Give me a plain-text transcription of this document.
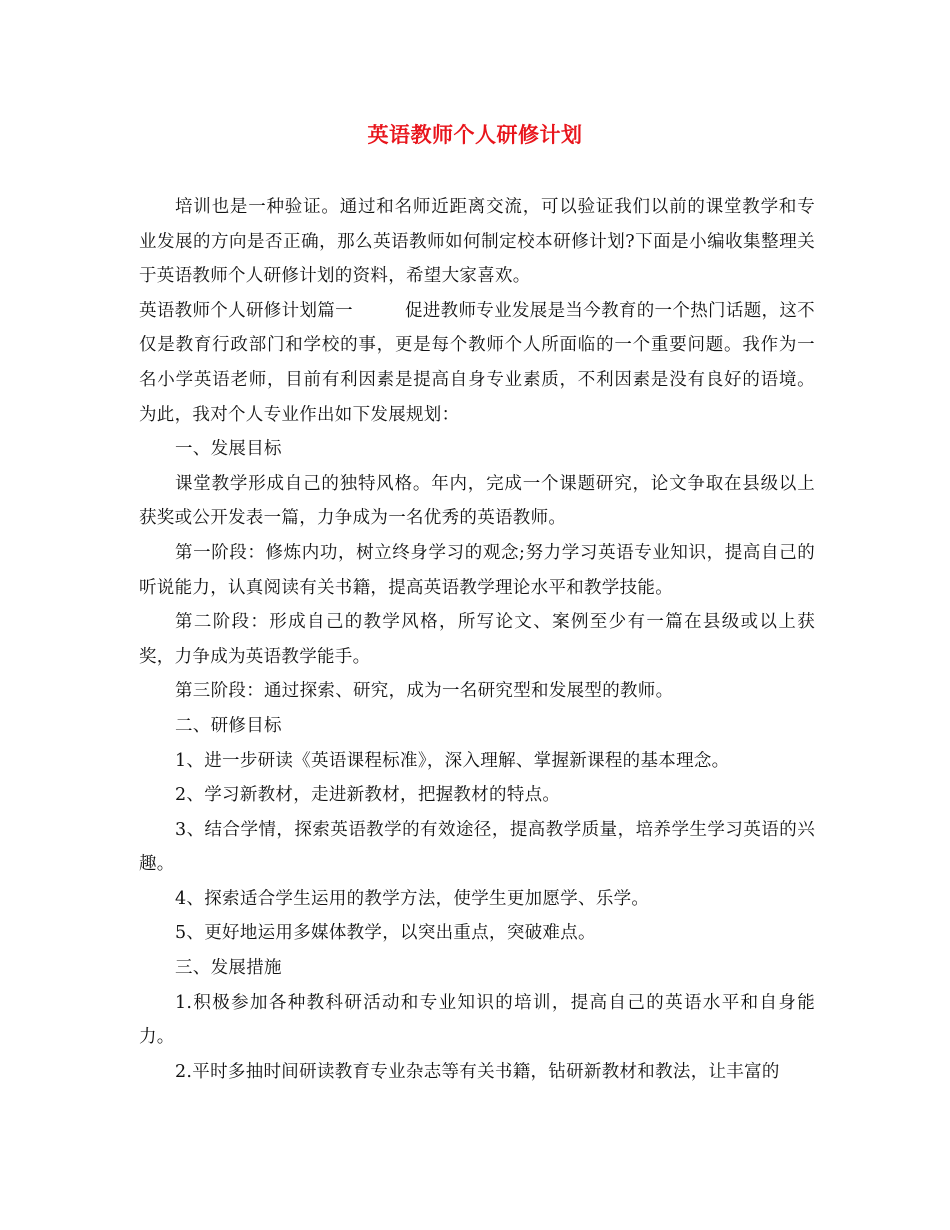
英语教师个人研修计划

培训也是一种验证。通过和名师近距离交流，可以验证我们以前的课堂教学和专业发展的方向是否正确，那么英语教师如何制定校本研修计划?下面是小编收集整理关于英语教师个人研修计划的资料，希望大家喜欢。

英语教师个人研修计划篇一	促进教师专业发展是当今教育的一个热门话题，这不仅是教育行政部门和学校的事，更是每个教师个人所面临的一个重要问题。我作为一名小学英语老师，目前有利因素是提高自身专业素质，不利因素是没有良好的语境。为此，我对个人专业作出如下发展规划：

一、发展目标

课堂教学形成自己的独特风格。年内，完成一个课题研究，论文争取在县级以上获奖或公开发表一篇，力争成为一名优秀的英语教师。

第一阶段：修炼内功，树立终身学习的观念;努力学习英语专业知识，提高自己的听说能力，认真阅读有关书籍，提高英语教学理论水平和教学技能。

第二阶段：形成自己的教学风格，所写论文、案例至少有一篇在县级或以上获奖，力争成为英语教学能手。

第三阶段：通过探索、研究，成为一名研究型和发展型的教师。

二、研修目标

1、进一步研读《英语课程标准》，深入理解、掌握新课程的基本理念。

2、学习新教材，走进新教材，把握教材的特点。

3、结合学情，探索英语教学的有效途径，提高教学质量，培养学生学习英语的兴趣。

4、探索适合学生运用的教学方法，使学生更加愿学、乐学。

5、更好地运用多媒体教学，以突出重点，突破难点。

三、发展措施

1.积极参加各种教科研活动和专业知识的培训，提高自己的英语水平和自身能力。

2.平时多抽时间研读教育专业杂志等有关书籍，钻研新教材和教法，让丰富的
